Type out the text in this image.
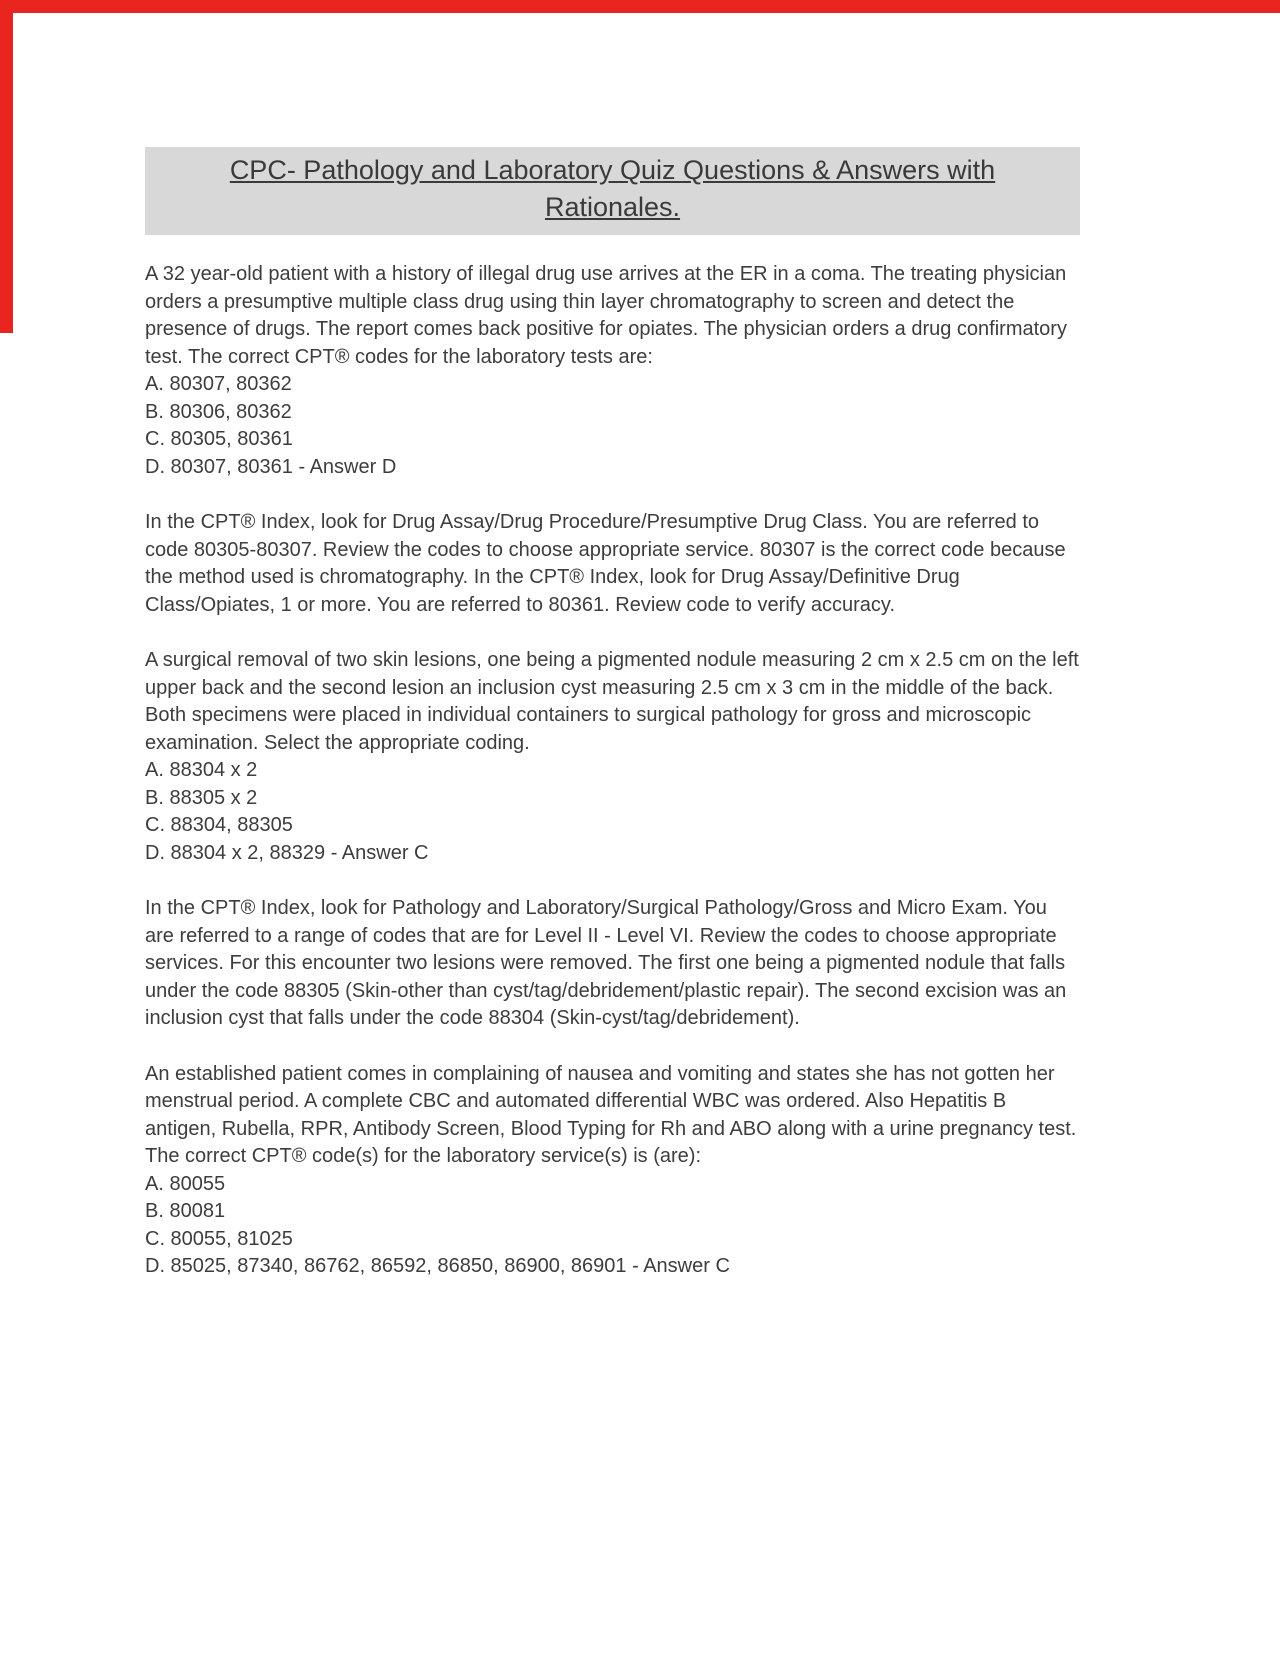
CPC- Pathology and Laboratory Quiz Questions & Answers with
Rationales.

A 32 year-old patient with a history of illegal drug use arrives at the ER in a coma. The treating physician orders a presumptive multiple class drug using thin layer chromatography to screen and detect the presence of drugs. The report comes back positive for opiates. The physician orders a drug confirmatory test. The correct CPT® codes for the laboratory tests are:

A. 80307, 80362
B. 80306, 80362
C. 80305, 80361
D. 80307, 80361 - Answer D

In the CPT® Index, look for Drug Assay/Drug Procedure/Presumptive Drug Class. You are referred to code 80305-80307. Review the codes to choose appropriate service. 80307 is the correct code because the method used is chromatography. In the CPT® Index, look for Drug Assay/Definitive Drug Class/Opiates, 1 or more. You are referred to 80361. Review code to verify accuracy.

A surgical removal of two skin lesions, one being a pigmented nodule measuring 2 cm x 2.5 cm on the left upper back and the second lesion an inclusion cyst measuring 2.5 cm x 3 cm in the middle of the back. Both specimens were placed in individual containers to surgical pathology for gross and microscopic examination. Select the appropriate coding.

A. 88304 x 2
B. 88305 x 2
C. 88304, 88305
D. 88304 x 2, 88329 - Answer C

In the CPT® Index, look for Pathology and Laboratory/Surgical Pathology/Gross and Micro Exam. You are referred to a range of codes that are for Level II - Level VI. Review the codes to choose appropriate services. For this encounter two lesions were removed. The first one being a pigmented nodule that falls under the code 88305 (Skin-other than cyst/tag/debridement/plastic repair). The second excision was an inclusion cyst that falls under the code 88304 (Skin-cyst/tag/debridement).

An established patient comes in complaining of nausea and vomiting and states she has not gotten her menstrual period. A complete CBC and automated differential WBC was ordered. Also Hepatitis B antigen, Rubella, RPR, Antibody Screen, Blood Typing for Rh and ABO along with a urine pregnancy test. The correct CPT® code(s) for the laboratory service(s) is (are):

A. 80055
B. 80081
C. 80055, 81025
D. 85025, 87340, 86762, 86592, 86850, 86900, 86901 - Answer C
